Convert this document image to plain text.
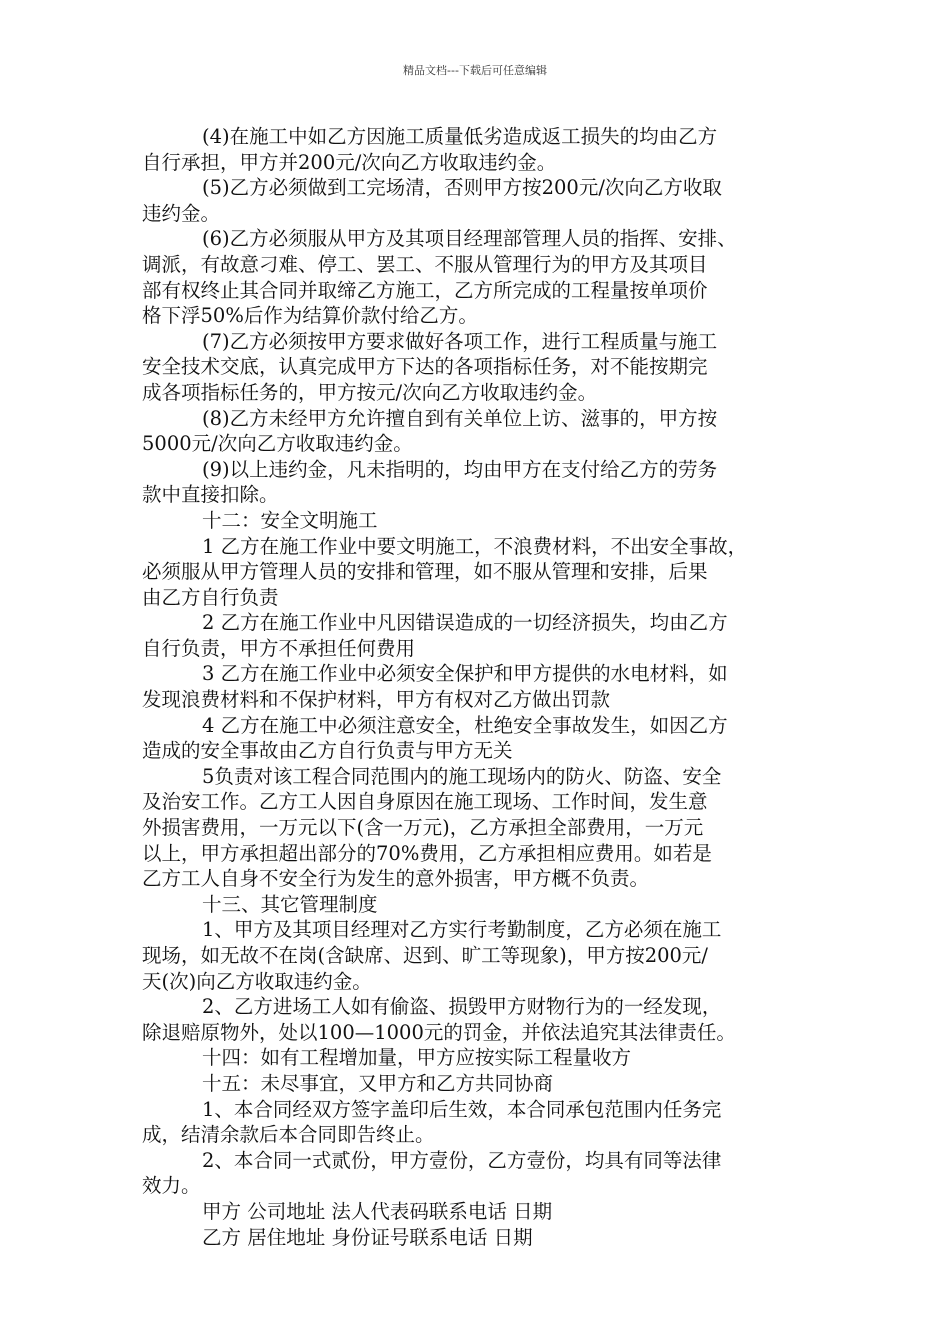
精品文档---下载后可任意编辑
(4)在施工中如乙方因施工质量低劣造成返工损失的均由乙方
自行承担，甲方并200元/次向乙方收取违约金。
(5)乙方必须做到工完场清，否则甲方按200元/次向乙方收取
违约金。
(6)乙方必须服从甲方及其项目经理部管理人员的指挥、安排、
调派，有故意刁难、停工、罢工、不服从管理行为的甲方及其项目
部有权终止其合同并取缔乙方施工，乙方所完成的工程量按单项价
格下浮50%后作为结算价款付给乙方。
(7)乙方必须按甲方要求做好各项工作，进行工程质量与施工
安全技术交底，认真完成甲方下达的各项指标任务，对不能按期完
成各项指标任务的，甲方按元/次向乙方收取违约金。
(8)乙方未经甲方允许擅自到有关单位上访、滋事的，甲方按
5000元/次向乙方收取违约金。
(9)以上违约金，凡未指明的，均由甲方在支付给乙方的劳务
款中直接扣除。
十二：安全文明施工
1 乙方在施工作业中要文明施工，不浪费材料，不出安全事故，
必须服从甲方管理人员的安排和管理，如不服从管理和安排，后果
由乙方自行负责
2 乙方在施工作业中凡因错误造成的一切经济损失，均由乙方
自行负责，甲方不承担任何费用
3 乙方在施工作业中必须安全保护和甲方提供的水电材料，如
发现浪费材料和不保护材料，甲方有权对乙方做出罚款
4 乙方在施工中必须注意安全，杜绝安全事故发生，如因乙方
造成的安全事故由乙方自行负责与甲方无关
5负责对该工程合同范围内的施工现场内的防火、防盗、安全
及治安工作。乙方工人因自身原因在施工现场、工作时间，发生意
外损害费用，一万元以下(含一万元)，乙方承担全部费用，一万元
以上，甲方承担超出部分的70%费用，乙方承担相应费用。如若是
乙方工人自身不安全行为发生的意外损害，甲方概不负责。
十三、其它管理制度
1、甲方及其项目经理对乙方实行考勤制度，乙方必须在施工
现场，如无故不在岗(含缺席、迟到、旷工等现象)，甲方按200元/
天(次)向乙方收取违约金。
2、乙方进场工人如有偷盗、损毁甲方财物行为的一经发现，
除退赔原物外，处以100—1000元的罚金，并依法追究其法律责任。
十四：如有工程增加量，甲方应按实际工程量收方
十五：未尽事宜，又甲方和乙方共同协商
1、本合同经双方签字盖印后生效，本合同承包范围内任务完
成，结清余款后本合同即告终止。
2、本合同一式贰份，甲方壹份，乙方壹份，均具有同等法律
效力。
甲方 公司地址 法人代表码联系电话 日期
乙方 居住地址 身份证号联系电话 日期
